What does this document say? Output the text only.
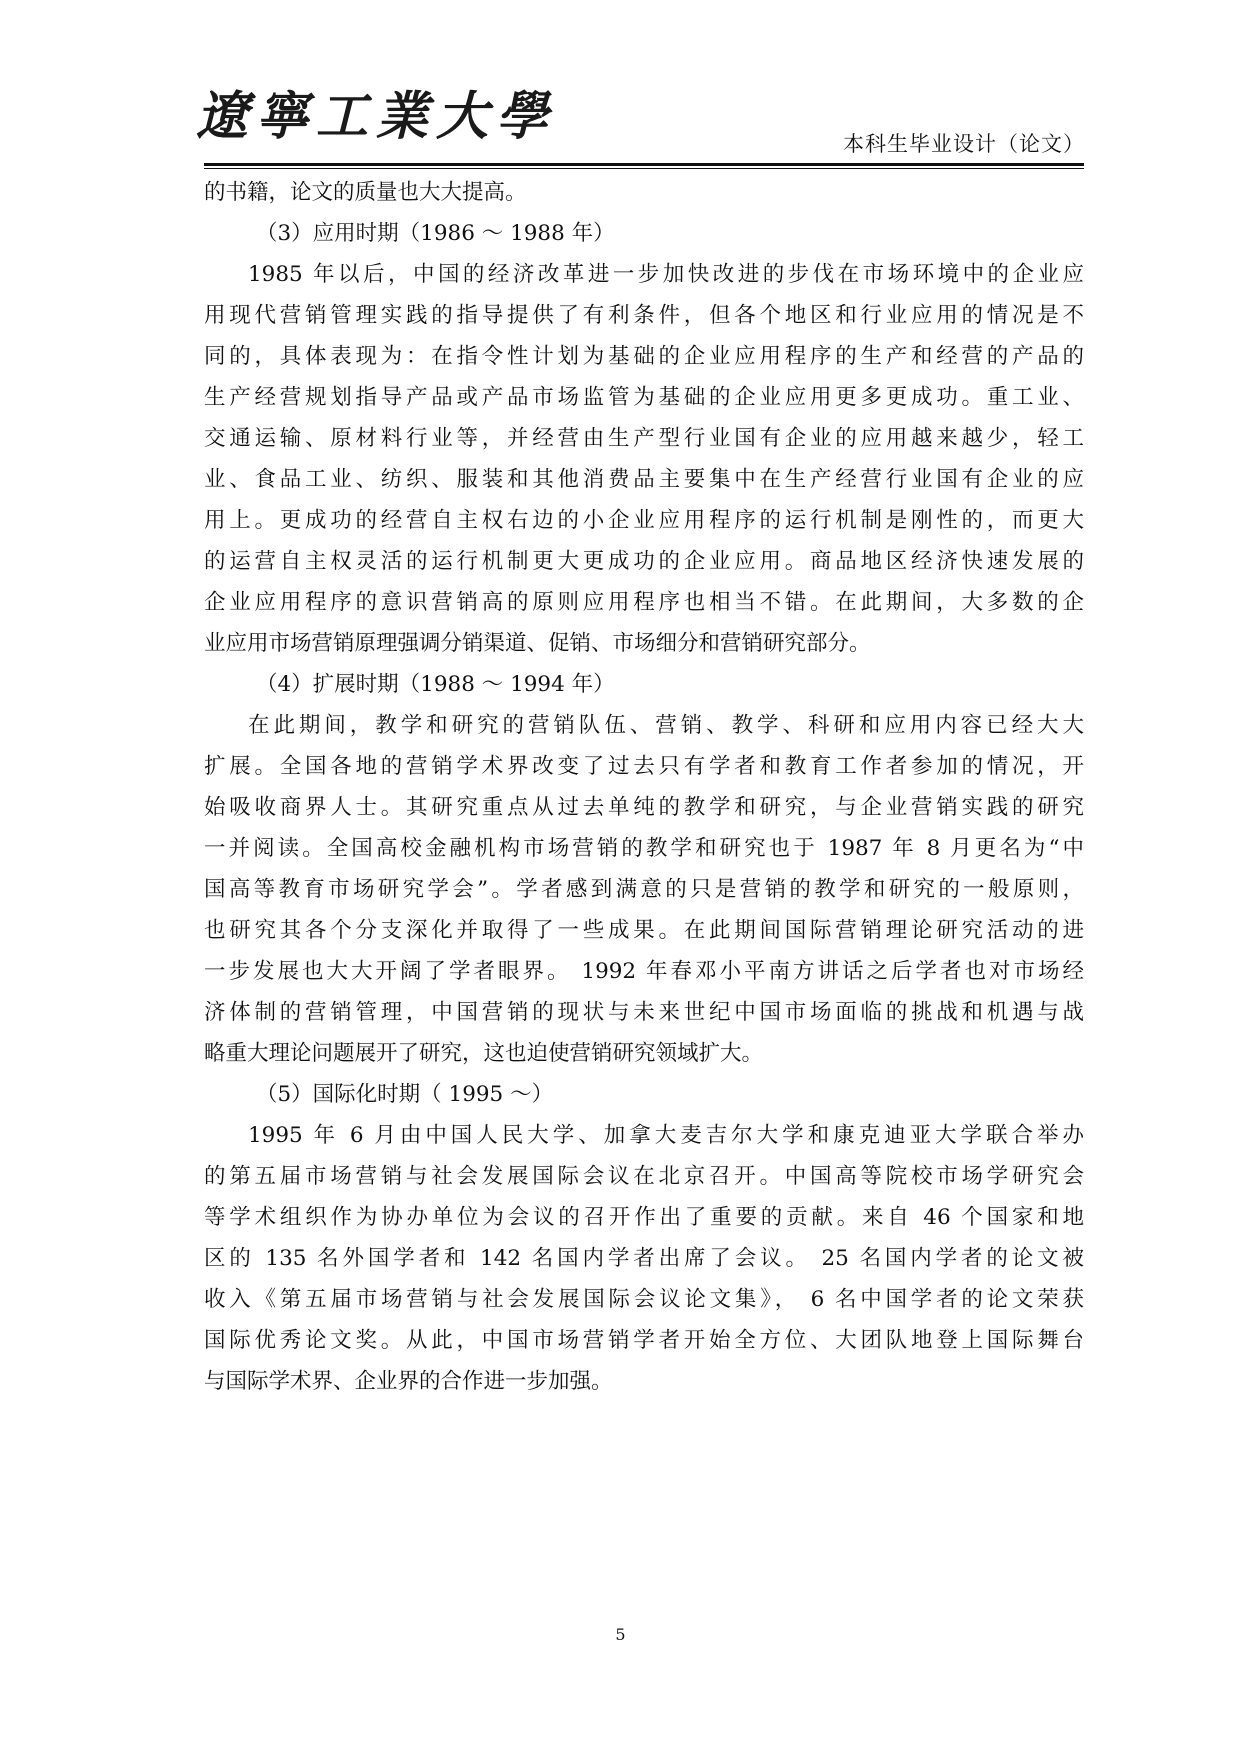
遼寧工業大學	本科生毕业设计（论文）
的书籍，论文的质量也大大提高。
（3）应用时期（1986 ～ 1988 年）
1985 年以后，中国的经济改革进一步加快改进的步伐在市场环境中的企业应
用现代营销管理实践的指导提供了有利条件，但各个地区和行业应用的情况是不
同的，具体表现为：在指令性计划为基础的企业应用程序的生产和经营的产品的
生产经营规划指导产品或产品市场监管为基础的企业应用更多更成功。重工业、
交通运输、原材料行业等，并经营由生产型行业国有企业的应用越来越少，轻工
业、食品工业、纺织、服装和其他消费品主要集中在生产经营行业国有企业的应
用上。更成功的经营自主权右边的小企业应用程序的运行机制是刚性的，而更大
的运营自主权灵活的运行机制更大更成功的企业应用。商品地区经济快速发展的
企业应用程序的意识营销高的原则应用程序也相当不错。在此期间，大多数的企
业应用市场营销原理强调分销渠道、促销、市场细分和营销研究部分。
（4）扩展时期（1988 ～ 1994 年）
在此期间，教学和研究的营销队伍、营销、教学、科研和应用内容已经大大
扩展。全国各地的营销学术界改变了过去只有学者和教育工作者参加的情况，开
始吸收商界人士。其研究重点从过去单纯的教学和研究，与企业营销实践的研究
一并阅读。全国高校金融机构市场营销的教学和研究也于 1987 年 8 月更名为“中
国高等教育市场研究学会”。学者感到满意的只是营销的教学和研究的一般原则，
也研究其各个分支深化并取得了一些成果。在此期间国际营销理论研究活动的进
一步发展也大大开阔了学者眼界。 1992 年春邓小平南方讲话之后学者也对市场经
济体制的营销管理，中国营销的现状与未来世纪中国市场面临的挑战和机遇与战
略重大理论问题展开了研究，这也迫使营销研究领域扩大。
（5）国际化时期（ 1995 ～）
1995 年 6 月由中国人民大学、加拿大麦吉尔大学和康克迪亚大学联合举办
的第五届市场营销与社会发展国际会议在北京召开。中国高等院校市场学研究会
等学术组织作为协办单位为会议的召开作出了重要的贡献。来自 46 个国家和地
区的 135 名外国学者和 142 名国内学者出席了会议。 25 名国内学者的论文被
收入《第五届市场营销与社会发展国际会议论文集》， 6 名中国学者的论文荣获
国际优秀论文奖。从此，中国市场营销学者开始全方位、大团队地登上国际舞台
与国际学术界、企业界的合作进一步加强。
5
